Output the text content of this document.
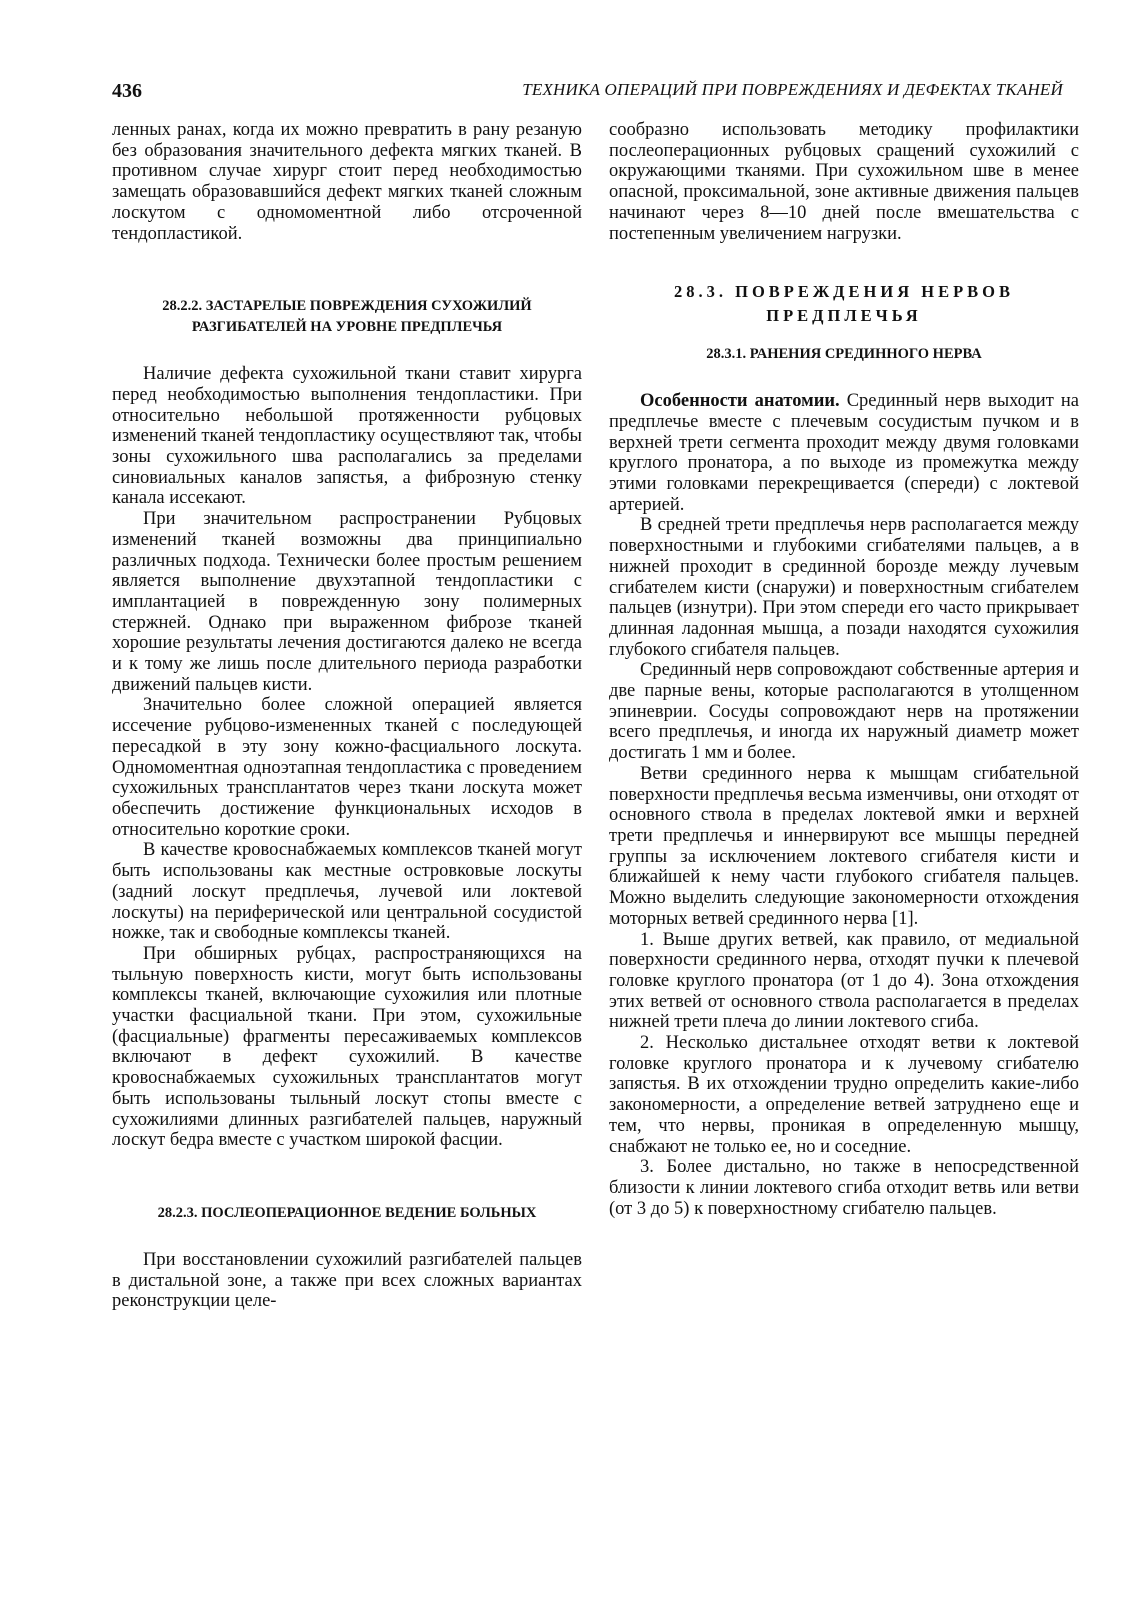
436	ТЕХНИКА ОПЕРАЦИЙ ПРИ ПОВРЕЖДЕНИЯХ И ДЕФЕКТАХ ТКАНЕЙ

ленных ранах, когда их можно превратить в рану резаную без образования значительного дефекта мягких тканей. В противном случае хирург стоит перед необходимостью замещать образовавшийся дефект мягких тканей сложным лоскутом с одномоментной либо отсроченной тендопластикой.

28.2.2. ЗАСТАРЕЛЫЕ ПОВРЕЖДЕНИЯ СУХОЖИЛИЙ РАЗГИБАТЕЛЕЙ НА УРОВНЕ ПРЕДПЛЕЧЬЯ

Наличие дефекта сухожильной ткани ставит хирурга перед необходимостью выполнения тендопластики. При относительно небольшой протяженности рубцовых изменений тканей тендопластику осуществляют так, чтобы зоны сухожильного шва располагались за пределами синовиальных каналов запястья, а фиброзную стенку канала иссекают.

При значительном распространении Рубцовых изменений тканей возможны два принципиально различных подхода. Технически более простым решением является выполнение двухэтапной тендопластики с имплантацией в поврежденную зону полимерных стержней. Однако при выраженном фиброзе тканей хорошие результаты лечения достигаются далеко не всегда и к тому же лишь после длительного периода разработки движений пальцев кисти.

Значительно более сложной операцией является иссечение рубцово-измененных тканей с последующей пересадкой в эту зону кожно-фасциального лоскута. Одномоментная одноэтапная тендопластика с проведением сухожильных трансплантатов через ткани лоскута может обеспечить достижение функциональных исходов в относительно короткие сроки.

В качестве кровоснабжаемых комплексов тканей могут быть использованы как местные островковые лоскуты (задний лоскут предплечья, лучевой или локтевой лоскуты) на периферической или центральной сосудистой ножке, так и свободные комплексы тканей.

При обширных рубцах, распространяющихся на тыльную поверхность кисти, могут быть использованы комплексы тканей, включающие сухожилия или плотные участки фасциальной ткани. При этом, сухожильные (фасциальные) фрагменты пересаживаемых комплексов включают в дефект сухожилий. В качестве кровоснабжаемых сухожильных трансплантатов могут быть использованы тыльный лоскут стопы вместе с сухожилиями длинных разгибателей пальцев, наружный лоскут бедра вместе с участком широкой фасции.

28.2.3. ПОСЛЕОПЕРАЦИОННОЕ ВЕДЕНИЕ БОЛЬНЫХ

При восстановлении сухожилий разгибателей пальцев в дистальной зоне, а также при всех сложных вариантах реконструкции целе-

сообразно использовать методику профилактики послеоперационных рубцовых сращений сухожилий с окружающими тканями. При сухожильном шве в менее опасной, проксимальной, зоне активные движения пальцев начинают через 8—10 дней после вмешательства с постепенным увеличением нагрузки.

28.3. ПОВРЕЖДЕНИЯ НЕРВОВ ПРЕДПЛЕЧЬЯ
28.3.1. РАНЕНИЯ СРЕДИННОГО НЕРВА

Особенности анатомии. Срединный нерв выходит на предплечье вместе с плечевым сосудистым пучком и в верхней трети сегмента проходит между двумя головками круглого пронатора, а по выходе из промежутка между этими головками перекрещивается (спереди) с локтевой артерией.

В средней трети предплечья нерв располагается между поверхностными и глубокими сгибателями пальцев, а в нижней проходит в срединной борозде между лучевым сгибателем кисти (снаружи) и поверхностным сгибателем пальцев (изнутри). При этом спереди его часто прикрывает длинная ладонная мышца, а позади находятся сухожилия глубокого сгибателя пальцев.

Срединный нерв сопровождают собственные артерия и две парные вены, которые располагаются в утолщенном эпиневрии. Сосуды сопровождают нерв на протяжении всего предплечья, и иногда их наружный диаметр может достигать 1 мм и более.

Ветви срединного нерва к мышцам сгибательной поверхности предплечья весьма изменчивы, они отходят от основного ствола в пределах локтевой ямки и верхней трети предплечья и иннервируют все мышцы передней группы за исключением локтевого сгибателя кисти и ближайшей к нему части глубокого сгибателя пальцев. Можно выделить следующие закономерности отхождения моторных ветвей срединного нерва [1].

1. Выше других ветвей, как правило, от медиальной поверхности срединного нерва, отходят пучки к плечевой головке круглого пронатора (от 1 до 4). Зона отхождения этих ветвей от основного ствола располагается в пределах нижней трети плеча до линии локтевого сгиба.

2. Несколько дистальнее отходят ветви к локтевой головке круглого пронатора и к лучевому сгибателю запястья. В их отхождении трудно определить какие-либо закономерности, а определение ветвей затруднено еще и тем, что нервы, проникая в определенную мышцу, снабжают не только ее, но и соседние.

3. Более дистально, но также в непосредственной близости к линии локтевого сгиба отходит ветвь или ветви (от 3 до 5) к поверхностному сгибателю пальцев.
